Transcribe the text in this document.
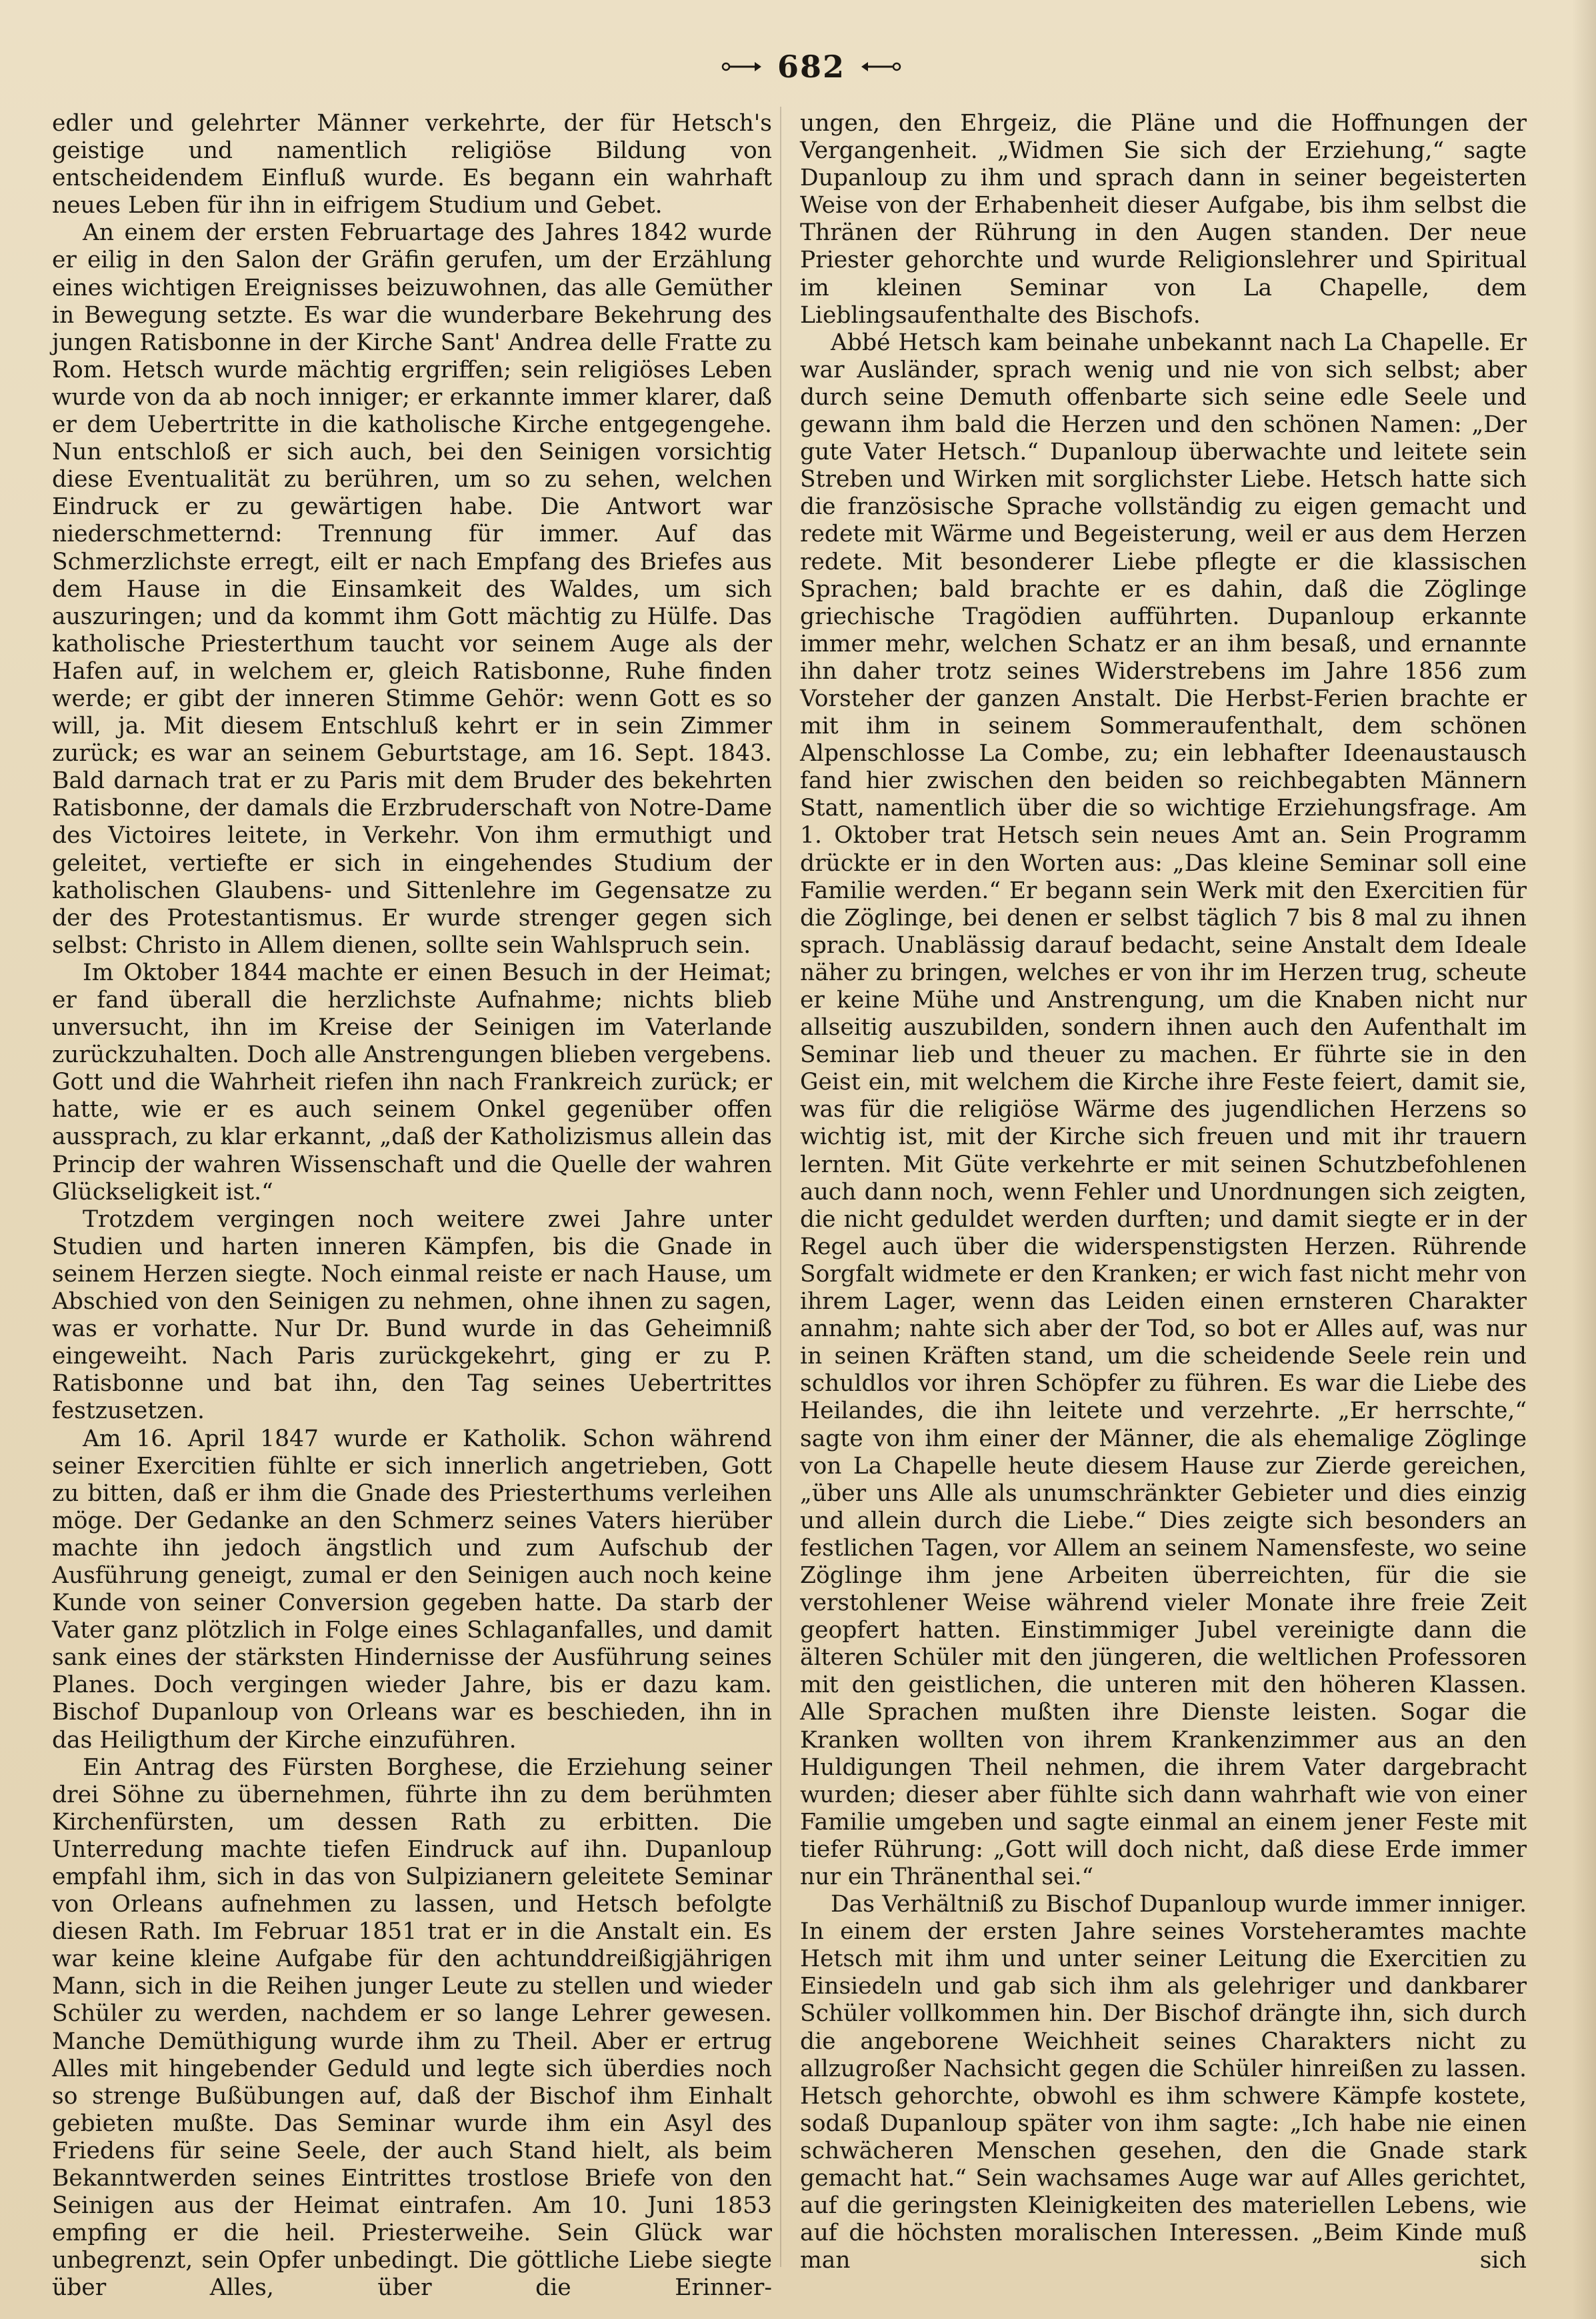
682

edler und gelehrter Männer verkehrte, der für Hetsch's geistige und namentlich religiöse Bildung von entscheidendem Einfluß wurde. Es begann ein wahrhaft neues Leben für ihn in eifrigem Studium und Gebet.

An einem der ersten Februartage des Jahres 1842 wurde er eilig in den Salon der Gräfin gerufen, um der Erzählung eines wichtigen Ereignisses beizuwohnen, das alle Gemüther in Bewegung setzte. Es war die wunderbare Bekehrung des jungen Ratisbonne in der Kirche Sant' Andrea delle Fratte zu Rom. Hetsch wurde mächtig ergriffen; sein religiöses Leben wurde von da ab noch inniger; er erkannte immer klarer, daß er dem Uebertritte in die katholische Kirche entgegengehe. Nun entschloß er sich auch, bei den Seinigen vorsichtig diese Eventualität zu berühren, um so zu sehen, welchen Eindruck er zu gewärtigen habe. Die Antwort war niederschmetternd: Trennung für immer. Auf das Schmerzlichste erregt, eilt er nach Empfang des Briefes aus dem Hause in die Einsamkeit des Waldes, um sich auszuringen; und da kommt ihm Gott mächtig zu Hülfe. Das katholische Priesterthum taucht vor seinem Auge als der Hafen auf, in welchem er, gleich Ratisbonne, Ruhe finden werde; er gibt der inneren Stimme Gehör: wenn Gott es so will, ja. Mit diesem Entschluß kehrt er in sein Zimmer zurück; es war an seinem Geburtstage, am 16. Sept. 1843. Bald darnach trat er zu Paris mit dem Bruder des bekehrten Ratisbonne, der damals die Erzbruderschaft von Notre-Dame des Victoires leitete, in Verkehr. Von ihm ermuthigt und geleitet, vertiefte er sich in eingehendes Studium der katholischen Glaubens- und Sittenlehre im Gegensatze zu der des Protestantismus. Er wurde strenger gegen sich selbst: Christo in Allem dienen, sollte sein Wahlspruch sein.

Im Oktober 1844 machte er einen Besuch in der Heimat; er fand überall die herzlichste Aufnahme; nichts blieb unversucht, ihn im Kreise der Seinigen im Vaterlande zurückzuhalten. Doch alle Anstrengungen blieben vergebens. Gott und die Wahrheit riefen ihn nach Frankreich zurück; er hatte, wie er es auch seinem Onkel gegenüber offen aussprach, zu klar erkannt, „daß der Katholizismus allein das Princip der wahren Wissenschaft und die Quelle der wahren Glückseligkeit ist.“

Trotzdem vergingen noch weitere zwei Jahre unter Studien und harten inneren Kämpfen, bis die Gnade in seinem Herzen siegte. Noch einmal reiste er nach Hause, um Abschied von den Seinigen zu nehmen, ohne ihnen zu sagen, was er vorhatte. Nur Dr. Bund wurde in das Geheimniß eingeweiht. Nach Paris zurückgekehrt, ging er zu P. Ratisbonne und bat ihn, den Tag seines Uebertrittes festzusetzen.

Am 16. April 1847 wurde er Katholik. Schon während seiner Exercitien fühlte er sich innerlich angetrieben, Gott zu bitten, daß er ihm die Gnade des Priesterthums verleihen möge. Der Gedanke an den Schmerz seines Vaters hierüber machte ihn jedoch ängstlich und zum Aufschub der Ausführung geneigt, zumal er den Seinigen auch noch keine Kunde von seiner Conversion gegeben hatte. Da starb der Vater ganz plötzlich in Folge eines Schlaganfalles, und damit sank eines der stärksten Hindernisse der Ausführung seines Planes. Doch vergingen wieder Jahre, bis er dazu kam. Bischof Dupanloup von Orleans war es beschieden, ihn in das Heiligthum der Kirche einzuführen.

Ein Antrag des Fürsten Borghese, die Erziehung seiner drei Söhne zu übernehmen, führte ihn zu dem berühmten Kirchenfürsten, um dessen Rath zu erbitten. Die Unterredung machte tiefen Eindruck auf ihn. Dupanloup empfahl ihm, sich in das von Sulpizianern geleitete Seminar von Orleans aufnehmen zu lassen, und Hetsch befolgte diesen Rath. Im Februar 1851 trat er in die Anstalt ein. Es war keine kleine Aufgabe für den achtunddreißigjährigen Mann, sich in die Reihen junger Leute zu stellen und wieder Schüler zu werden, nachdem er so lange Lehrer gewesen. Manche Demüthigung wurde ihm zu Theil. Aber er ertrug Alles mit hingebender Geduld und legte sich überdies noch so strenge Bußübungen auf, daß der Bischof ihm Einhalt gebieten mußte. Das Seminar wurde ihm ein Asyl des Friedens für seine Seele, der auch Stand hielt, als beim Bekanntwerden seines Eintrittes trostlose Briefe von den Seinigen aus der Heimat eintrafen. Am 10. Juni 1853 empfing er die heil. Priesterweihe. Sein Glück war unbegrenzt, sein Opfer unbedingt. Die göttliche Liebe siegte über Alles, über die Erinner-

ungen, den Ehrgeiz, die Pläne und die Hoffnungen der Vergangenheit. „Widmen Sie sich der Erziehung,“ sagte Dupanloup zu ihm und sprach dann in seiner begeisterten Weise von der Erhabenheit dieser Aufgabe, bis ihm selbst die Thränen der Rührung in den Augen standen. Der neue Priester gehorchte und wurde Religionslehrer und Spiritual im kleinen Seminar von La Chapelle, dem Lieblingsaufenthalte des Bischofs.

Abbé Hetsch kam beinahe unbekannt nach La Chapelle. Er war Ausländer, sprach wenig und nie von sich selbst; aber durch seine Demuth offenbarte sich seine edle Seele und gewann ihm bald die Herzen und den schönen Namen: „Der gute Vater Hetsch.“ Dupanloup überwachte und leitete sein Streben und Wirken mit sorglichster Liebe. Hetsch hatte sich die französische Sprache vollständig zu eigen gemacht und redete mit Wärme und Begeisterung, weil er aus dem Herzen redete. Mit besonderer Liebe pflegte er die klassischen Sprachen; bald brachte er es dahin, daß die Zöglinge griechische Tragödien aufführten. Dupanloup erkannte immer mehr, welchen Schatz er an ihm besaß, und ernannte ihn daher trotz seines Widerstrebens im Jahre 1856 zum Vorsteher der ganzen Anstalt. Die Herbst-Ferien brachte er mit ihm in seinem Sommeraufenthalt, dem schönen Alpenschlosse La Combe, zu; ein lebhafter Ideenaustausch fand hier zwischen den beiden so reichbegabten Männern Statt, namentlich über die so wichtige Erziehungsfrage. Am 1. Oktober trat Hetsch sein neues Amt an. Sein Programm drückte er in den Worten aus: „Das kleine Seminar soll eine Familie werden.“ Er begann sein Werk mit den Exercitien für die Zöglinge, bei denen er selbst täglich 7 bis 8 mal zu ihnen sprach. Unablässig darauf bedacht, seine Anstalt dem Ideale näher zu bringen, welches er von ihr im Herzen trug, scheute er keine Mühe und Anstrengung, um die Knaben nicht nur allseitig auszubilden, sondern ihnen auch den Aufenthalt im Seminar lieb und theuer zu machen. Er führte sie in den Geist ein, mit welchem die Kirche ihre Feste feiert, damit sie, was für die religiöse Wärme des jugendlichen Herzens so wichtig ist, mit der Kirche sich freuen und mit ihr trauern lernten. Mit Güte verkehrte er mit seinen Schutzbefohlenen auch dann noch, wenn Fehler und Unordnungen sich zeigten, die nicht geduldet werden durften; und damit siegte er in der Regel auch über die widerspenstigsten Herzen. Rührende Sorgfalt widmete er den Kranken; er wich fast nicht mehr von ihrem Lager, wenn das Leiden einen ernsteren Charakter annahm; nahte sich aber der Tod, so bot er Alles auf, was nur in seinen Kräften stand, um die scheidende Seele rein und schuldlos vor ihren Schöpfer zu führen. Es war die Liebe des Heilandes, die ihn leitete und verzehrte. „Er herrschte,“ sagte von ihm einer der Männer, die als ehemalige Zöglinge von La Chapelle heute diesem Hause zur Zierde gereichen, „über uns Alle als unumschränkter Gebieter und dies einzig und allein durch die Liebe.“ Dies zeigte sich besonders an festlichen Tagen, vor Allem an seinem Namensfeste, wo seine Zöglinge ihm jene Arbeiten überreichten, für die sie verstohlener Weise während vieler Monate ihre freie Zeit geopfert hatten. Einstimmiger Jubel vereinigte dann die älteren Schüler mit den jüngeren, die weltlichen Professoren mit den geistlichen, die unteren mit den höheren Klassen. Alle Sprachen mußten ihre Dienste leisten. Sogar die Kranken wollten von ihrem Krankenzimmer aus an den Huldigungen Theil nehmen, die ihrem Vater dargebracht wurden; dieser aber fühlte sich dann wahrhaft wie von einer Familie umgeben und sagte einmal an einem jener Feste mit tiefer Rührung: „Gott will doch nicht, daß diese Erde immer nur ein Thränenthal sei.“

Das Verhältniß zu Bischof Dupanloup wurde immer inniger. In einem der ersten Jahre seines Vorsteheramtes machte Hetsch mit ihm und unter seiner Leitung die Exercitien zu Einsiedeln und gab sich ihm als gelehriger und dankbarer Schüler vollkommen hin. Der Bischof drängte ihn, sich durch die angeborene Weichheit seines Charakters nicht zu allzugroßer Nachsicht gegen die Schüler hinreißen zu lassen. Hetsch gehorchte, obwohl es ihm schwere Kämpfe kostete, sodaß Dupanloup später von ihm sagte: „Ich habe nie einen schwächeren Menschen gesehen, den die Gnade stark gemacht hat.“ Sein wachsames Auge war auf Alles gerichtet, auf die geringsten Kleinigkeiten des materiellen Lebens, wie auf die höchsten moralischen Interessen. „Beim Kinde muß man sich
